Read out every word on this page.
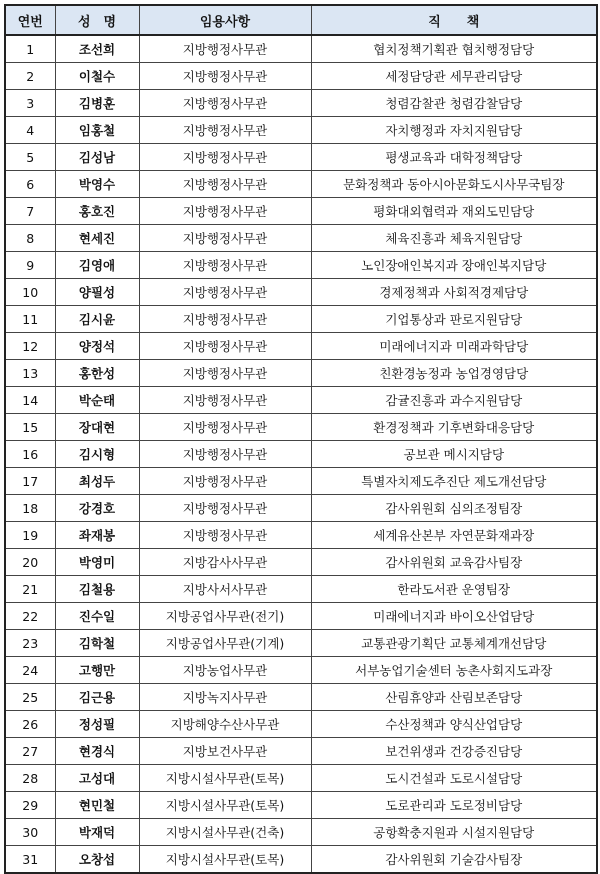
연번	성　명	임용사항	직　　책
1	조선희	지방행정사무관	협치정책기획관 협치행정담당
2	이철수	지방행정사무관	세정담당관 세무관리담당
3	김병훈	지방행정사무관	청렴감찰관 청렴감찰담당
4	임홍철	지방행정사무관	자치행정과 자치지원담당
5	김성남	지방행정사무관	평생교육과 대학정책담당
6	박영수	지방행정사무관	문화정책과 동아시아문화도시사무국팀장
7	홍호진	지방행정사무관	평화대외협력과 재외도민담당
8	현세진	지방행정사무관	체육진흥과 체육지원담당
9	김영애	지방행정사무관	노인장애인복지과 장애인복지담당
10	양필성	지방행정사무관	경제정책과 사회적경제담당
11	김시윤	지방행정사무관	기업통상과 판로지원담당
12	양정석	지방행정사무관	미래에너지과 미래과학담당
13	홍한성	지방행정사무관	친환경농정과 농업경영담당
14	박순태	지방행정사무관	감귤진흥과 과수지원담당
15	장대현	지방행정사무관	환경정책과 기후변화대응담당
16	김시형	지방행정사무관	공보관 메시지담당
17	최성두	지방행정사무관	특별자치제도추진단 제도개선담당
18	강경호	지방행정사무관	감사위원회 심의조정팀장
19	좌재봉	지방행정사무관	세계유산본부 자연문화재과장
20	박영미	지방감사사무관	감사위원회 교육감사팀장
21	김철용	지방사서사무관	한라도서관 운영팀장
22	진수일	지방공업사무관(전기)	미래에너지과 바이오산업담당
23	김학철	지방공업사무관(기계)	교통관광기획단 교통체계개선담당
24	고행만	지방농업사무관	서부농업기술센터 농촌사회지도과장
25	김근용	지방녹지사무관	산림휴양과 산림보존담당
26	정성필	지방해양수산사무관	수산정책과 양식산업담당
27	현경식	지방보건사무관	보건위생과 건강증진담당
28	고성대	지방시설사무관(토목)	도시건설과 도로시설담당
29	현민철	지방시설사무관(토목)	도로관리과 도로정비담당
30	박재덕	지방시설사무관(건축)	공항확충지원과 시설지원담당
31	오창섭	지방시설사무관(토목)	감사위원회 기술감사팀장
